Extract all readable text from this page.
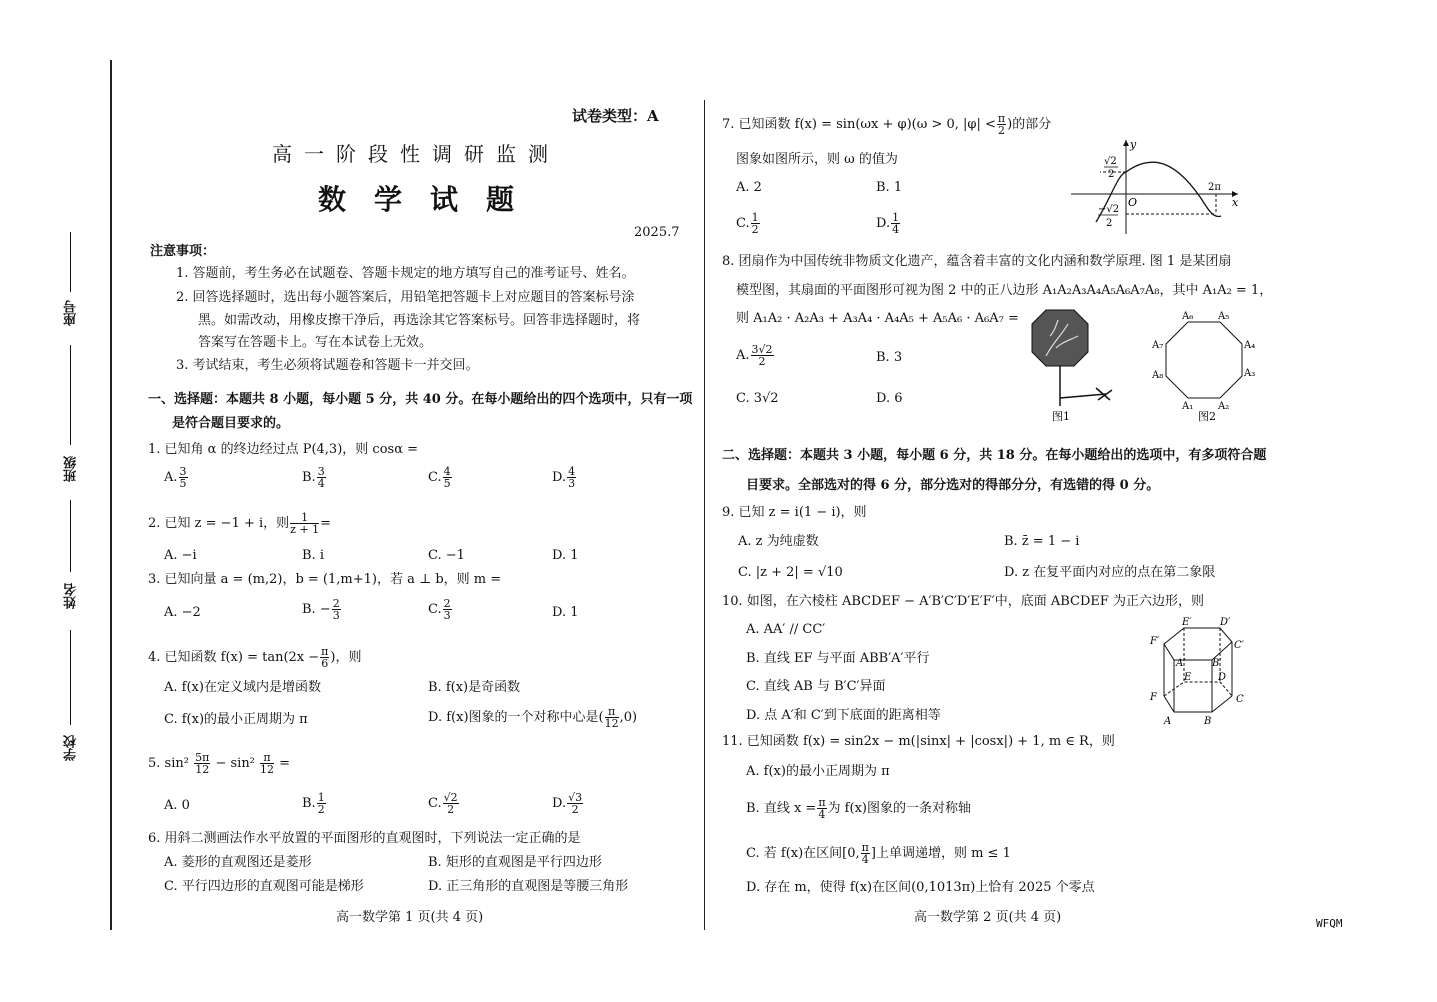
座号
班级
姓名
学校
试卷类型：A
高一阶段性调研监测
数学试题
2025.7
注意事项：
1. 答题前，考生务必在试题卷、答题卡规定的地方填写自己的准考证号、姓名。
2. 回答选择题时，选出每小题答案后，用铅笔把答题卡上对应题目的答案标号涂
黑。如需改动，用橡皮擦干净后，再选涂其它答案标号。回答非选择题时，将
答案写在答题卡上。写在本试卷上无效。
3. 考试结束，考生必须将试题卷和答题卡一并交回。
一、选择题：本题共 8 小题，每小题 5 分，共 40 分。在每小题给出的四个选项中，只有一项
是符合题目要求的。
1. 已知角 α 的终边经过点 P(4,3)，则 cosα =
A. $\frac{3}{5}$	B. $\frac{3}{4}$	C. $\frac{4}{5}$	D. $\frac{4}{3}$
2. 已知 z = −1 + i，则 $\frac{1}{z + 1}$ =
A. −i	B. i	C. −1	D. 1
3. 已知向量 a = (m,2)，b = (1,m+1)，若 a ⊥ b，则 m =
A. −2	B. − $\frac{2}{3}$	C. $\frac{2}{3}$	D. 1
4. 已知函数 $f(x) = \tan(2x - \frac{\pi}{6}$ )，则
A. f(x)在定义域内是增函数	B. f(x)是奇函数
C. f(x)的最小正周期为 π	D. f(x)图象的一个对称中心是( $\frac{\pi}{12} ,0$)
5. $\sin^2 \frac{5\pi}{12} - \sin^2 \frac{\pi}{12}$ =
A. 0	B. $\frac{1}{2}$	C. $\frac{√2}{2}$	D. $\frac{√3}{2}$
6. 用斜二测画法作水平放置的平面图形的直观图时，下列说法一定正确的是
A. 菱形的直观图还是菱形	B. 矩形的直观图是平行四边形
C. 平行四边形的直观图可能是梯形	D. 正三角形的直观图是等腰三角形
高一数学第 1 页(共 4 页)
7. 已知函数 f(x) = sin(ωx + φ)(ω > 0, $|\varphi| < \frac{\pi}{2}$ )的部分
图象如图所示，则 ω 的值为
A. 2	B. 1
C. $\frac{1}{2}$	D. $\frac{1}{4}$
y
x
O
√2
2
−√2
2
2π
8. 团扇作为中国传统非物质文化遗产，蕴含着丰富的文化内涵和数学原理. 图 1 是某团扇
模型图，其扇面的平面图形可视为图 2 中的正八边形 A₁A₂A₃A₄A₅A₆A₇A₈，其中 A₁A₂ = 1，
则 A₁A₂ · A₂A₃ + A₃A₄ · A₄A₅ + A₅A₆ · A₆A₇ =
A. $\frac{3√2}{2}$	B. 3
C. 3√2	D. 6
图1
A₁ A₂
A₃
A₄
A₅
A₆
A₇
A₈
图2
二、选择题：本题共 3 小题，每小题 6 分，共 18 分。在每小题给出的选项中，有多项符合题
目要求。全部选对的得 6 分，部分选对的得部分分，有选错的得 0 分。
9. 已知 z = i(1 − i)，则
A. z 为纯虚数	B. z̄ = 1 − i
C. |z + 2| = √10	D. z 在复平面内对应的点在第二象限
10. 如图，在六棱柱 ABCDEF − A′B′C′D′E′F′中，底面 ABCDEF 为正六边形，则
A. AA′ // CC′
B. 直线 EF 与平面 ABB′A′平行
C. 直线 AB 与 B′C′异面
D. 点 A′和 C′到下底面的距离相等	A	B
C
D
E
F
A′	B′
C′
D′
E′
F′
11. 已知函数 f(x) = sin2x − m(|sinx| + |cosx|) + 1, m ∈ R，则
A. f(x)的最小正周期为 π
B. 直线 $x = \frac{\pi}{4}$ 为 f(x)图象的一条对称轴
C. 若 f(x)在区间[0, $\frac{\pi}{4}$ ]上单调递增，则 m ≤ 1
D. 存在 m，使得 f(x)在区间(0,1013π)上恰有 2025 个零点
高一数学第 2 页(共 4 页)	WFQM
